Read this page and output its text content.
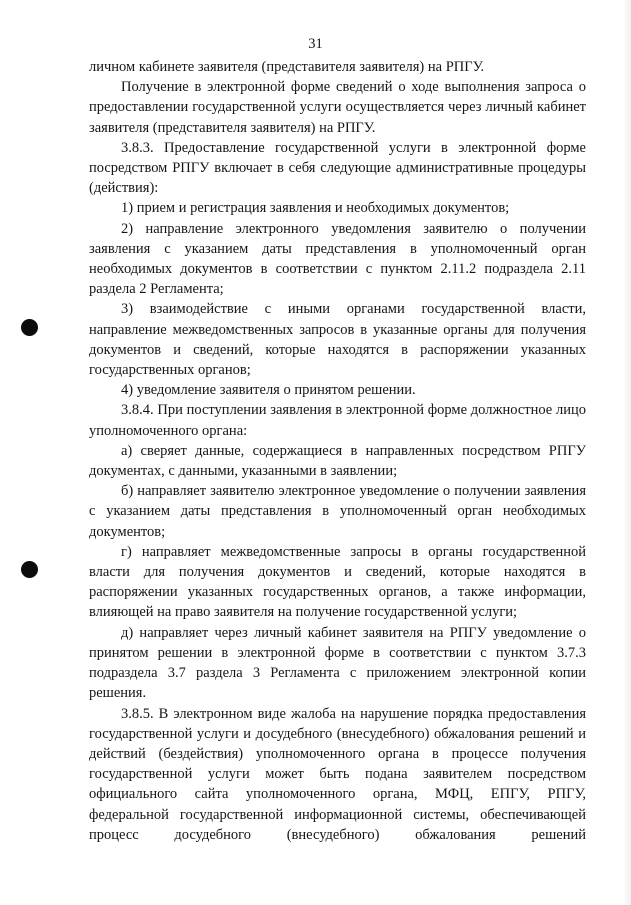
31

личном кабинете заявителя (представителя заявителя) на РПГУ.

Получение в электронной форме сведений о ходе выполнения запроса о предоставлении государственной услуги осуществляется через личный кабинет заявителя (представителя заявителя) на РПГУ.

3.8.3. Предоставление государственной услуги в электронной форме посредством РПГУ включает в себя следующие административные процедуры (действия):

1) прием и регистрация заявления и необходимых документов;

2) направление электронного уведомления заявителю о получении заявления с указанием даты представления в уполномоченный орган необходимых документов в соответствии с пунктом 2.11.2 подраздела 2.11 раздела 2 Регламента;

3) взаимодействие с иными органами государственной власти, направление межведомственных запросов в указанные органы для получения документов и сведений, которые находятся в распоряжении указанных государственных органов;

4) уведомление заявителя о принятом решении.

3.8.4. При поступлении заявления в электронной форме должностное лицо уполномоченного органа:

а) сверяет данные, содержащиеся в направленных посредством РПГУ документах, с данными, указанными в заявлении;

б) направляет заявителю электронное уведомление о получении заявления с указанием даты представления в уполномоченный орган необходимых документов;

г) направляет межведомственные запросы в органы государственной власти для получения документов и сведений, которые находятся в распоряжении указанных государственных органов, а также информации, влияющей на право заявителя на получение государственной услуги;

д) направляет через личный кабинет заявителя на РПГУ уведомление о принятом решении в электронной форме в соответствии с пунктом 3.7.3 подраздела 3.7 раздела 3 Регламента с приложением электронной копии решения.

3.8.5. В электронном виде жалоба на нарушение порядка предоставления государственной услуги и досудебного (внесудебного) обжалования решений и действий (бездействия) уполномоченного органа в процессе получения государственной услуги может быть подана заявителем посредством официального сайта уполномоченного органа, МФЦ, ЕПГУ, РПГУ, федеральной государственной информационной системы, обеспечивающей процесс досудебного (внесудебного) обжалования решений
